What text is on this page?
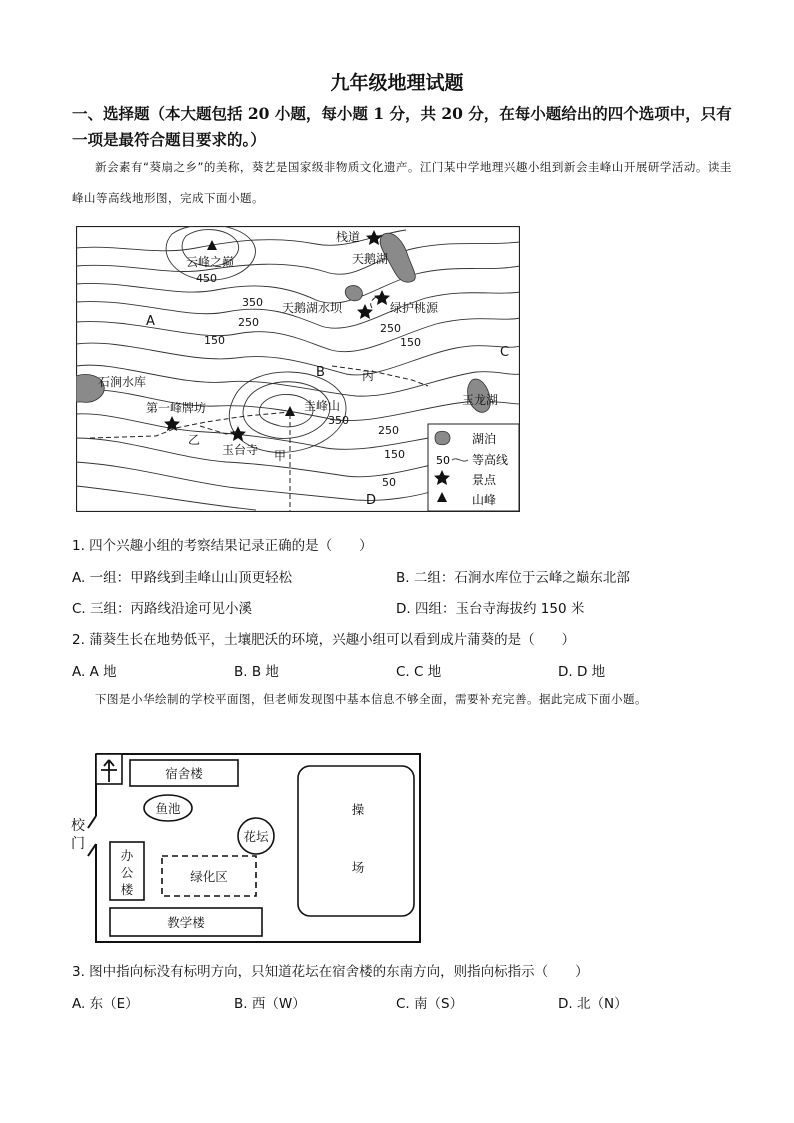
九年级地理试题
一、选择题（本大题包括 20 小题，每小题 1 分，共 20 分，在每小题给出的四个选项中，只有一项是最符合题目要求的。）
新会素有“葵扇之乡”的美称，葵艺是国家级非物质文化遗产。江门某中学地理兴趣小组到新会圭峰山开展研学活动。读圭峰山等高线地形图，完成下面小题。
栈道
天鹅湖
云峰之巅
天鹅湖水坝	绿护桃源
石涧水库
第一峰牌坊
玉台寺
圭峰山	玉龙湖
A
B
C
D
甲
乙
丙
450
350
250
150
250
150
350
250
150
50
湖泊
50 等高线
景点
山峰
1. 四个兴趣小组的考察结果记录正确的是（　　）
A. 一组：甲路线到圭峰山山顶更轻松	B. 二组：石涧水库位于云峰之巅东北部
C. 三组：丙路线沿途可见小溪	D. 四组：玉台寺海拔约 150 米
2. 蒲葵生长在地势低平，土壤肥沃的环境，兴趣小组可以看到成片蒲葵的是（　　）
A. A 地	B. B 地	C. C 地	D. D 地
下图是小华绘制的学校平面图，但老师发现图中基本信息不够全面，需要补充完善。据此完成下面小题。
宿舍楼
鱼池
花坛
办
公
楼
绿化区
教学楼
操
场
校
门
3. 图中指向标没有标明方向，只知道花坛在宿舍楼的东南方向，则指向标指示（　　）
A. 东（E）	B. 西（W）	C. 南（S）	D. 北（N）
